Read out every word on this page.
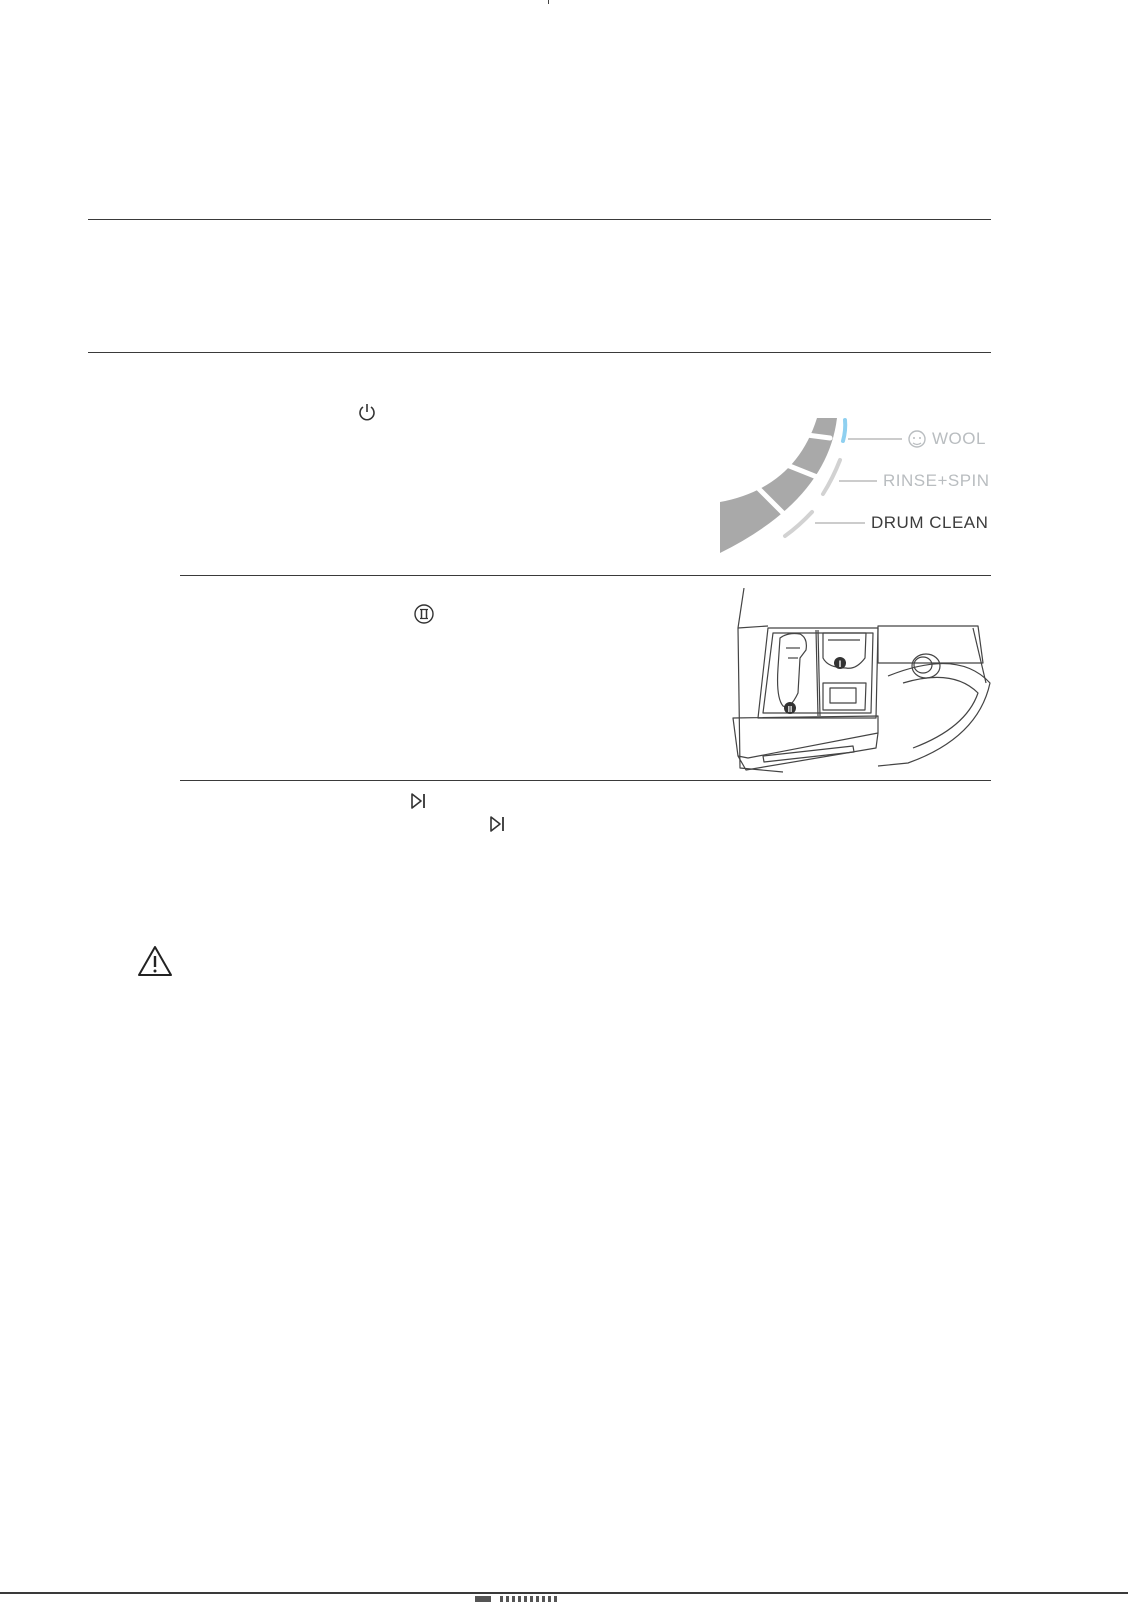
WOOL
RINSE+SPIN
DRUM CLEAN
I
II
